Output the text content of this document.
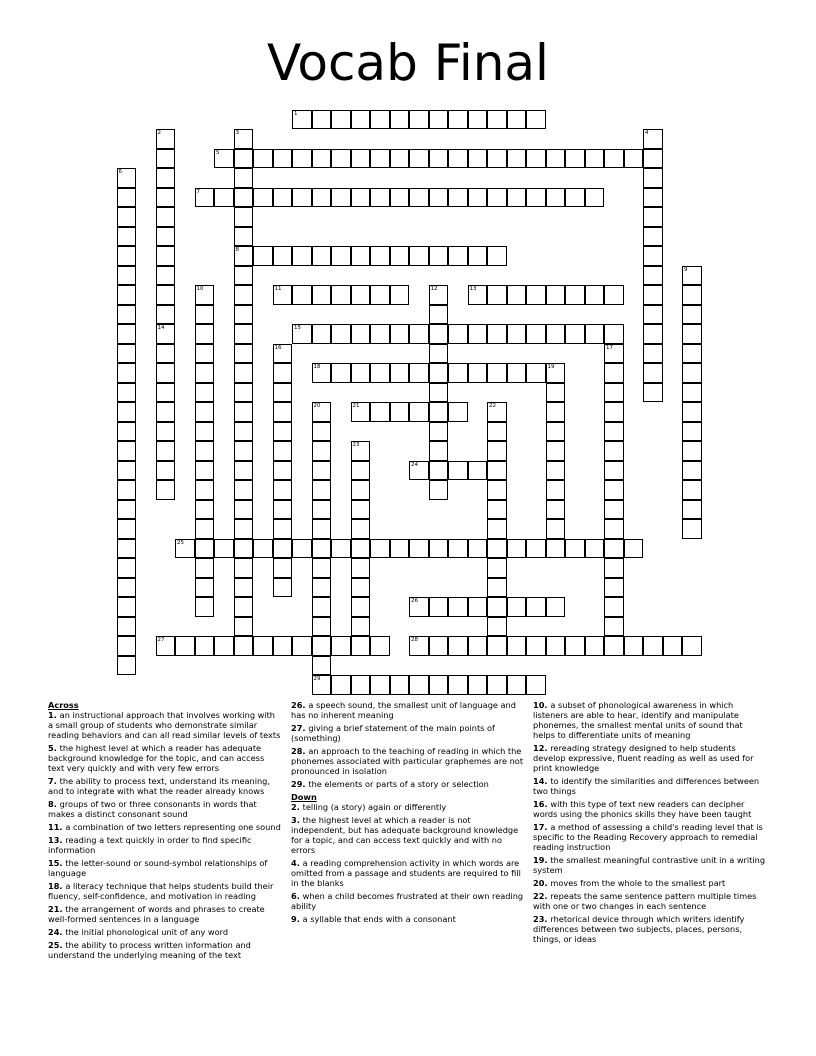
Vocab Final
1
2
14
3
8
4
5
6
7
9
10	11	12	13
15
16	17
18	19
20	21	22
23
24
25
26
27	28
29
Across
1. an instructional approach that involves working with a small group of students who demonstrate similar reading behaviors and can all read similar levels of texts
5. the highest level at which a reader has adequate background knowledge for the topic, and can access text very quickly and with very few errors
7. the ability to process text, understand its meaning, and to integrate with what the reader already knows
8. groups of two or three consonants in words that makes a distinct consonant sound
11. a combination of two letters representing one sound
13. reading a text quickly in order to find specific information
15. the letter-sound or sound-symbol relationships of language
18. a literacy technique that helps students build their fluency, self-confidence, and motivation in reading
21. the arrangement of words and phrases to create well-formed sentences in a language
24. the initial phonological unit of any word
25. the ability to process written information and understand the underlying meaning of the text
26. a speech sound, the smallest unit of language and has no inherent meaning
27. giving a brief statement of the main points of (something)
28. an approach to the teaching of reading in which the phonemes associated with particular graphemes are not pronounced in isolation
29. the elements or parts of a story or selection
Down
2. telling (a story) again or differently
3. the highest level at which a reader is not independent, but has adequate background knowledge for a topic, and can access text quickly and with no errors
4. a reading comprehension activity in which words are omitted from a passage and students are required to fill in the blanks
6. when a child becomes frustrated at their own reading ability
9. a syllable that ends with a consonant
10. a subset of phonological awareness in which listeners are able to hear, identify and manipulate phonemes, the smallest mental units of sound that helps to differentiate units of meaning
12. rereading strategy designed to help students develop expressive, fluent reading as well as used for print knowledge
14. to identify the similarities and differences between two things
16. with this type of text new readers can decipher words using the phonics skills they have been taught
17. a method of assessing a child's reading level that is specific to the Reading Recovery approach to remedial reading instruction
19. the smallest meaningful contrastive unit in a writing system
20. moves from the whole to the smallest part
22. repeats the same sentence pattern multiple times with one or two changes in each sentence
23. rhetorical device through which writers identify differences between two subjects, places, persons, things, or ideas
